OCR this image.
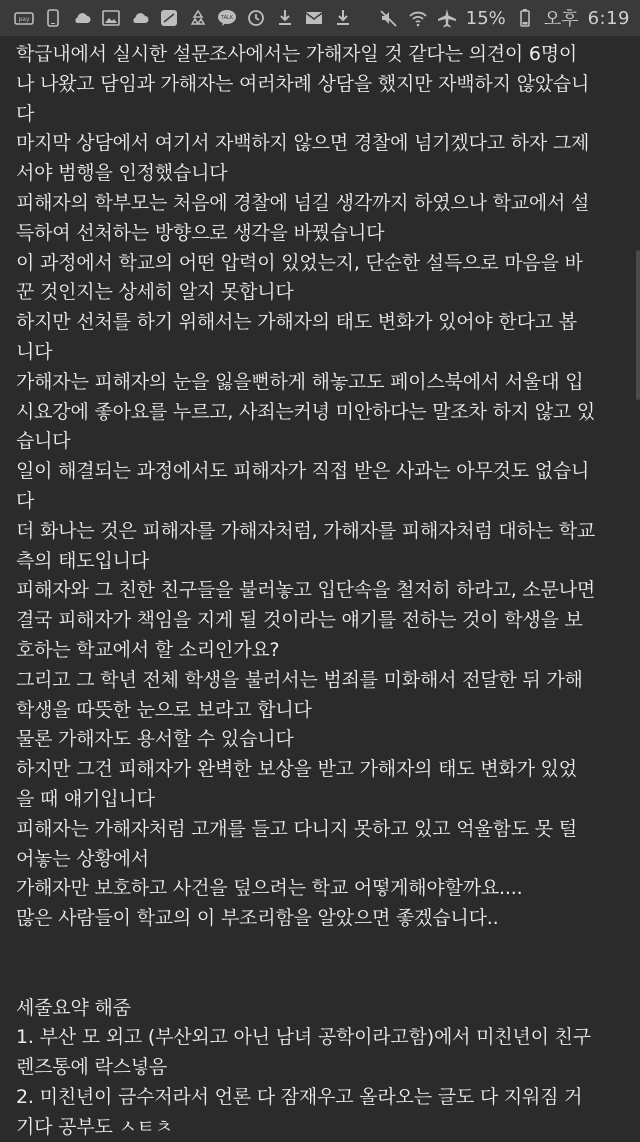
pay	TALK	15% 오후 6:19
학급내에서 실시한 설문조사에서는 가해자일 것 같다는 의견이 6명이
나 나왔고 담임과 가해자는 여러차례 상담을 했지만 자백하지 않았습니
다
마지막 상담에서 여기서 자백하지 않으면 경찰에 넘기겠다고 하자 그제
서야 범행을 인정했습니다
피해자의 학부모는 처음에 경찰에 넘길 생각까지 하였으나 학교에서 설
득하여 선처하는 방향으로 생각을 바꿨습니다
이 과정에서 학교의 어떤 압력이 있었는지, 단순한 설득으로 마음을 바
꾼 것인지는 상세히 알지 못합니다
하지만 선처를 하기 위해서는 가해자의 태도 변화가 있어야 한다고 봅
니다
가해자는 피해자의 눈을 잃을뻔하게 해놓고도 페이스북에서 서울대 입
시요강에 좋아요를 누르고, 사죄는커녕 미안하다는 말조차 하지 않고 있
습니다
일이 해결되는 과정에서도 피해자가 직접 받은 사과는 아무것도 없습니
다
더 화나는 것은 피해자를 가해자처럼, 가해자를 피해자처럼 대하는 학교
측의 태도입니다
피해자와 그 친한 친구들을 불러놓고 입단속을 철저히 하라고, 소문나면
결국 피해자가 책임을 지게 될 것이라는 얘기를 전하는 것이 학생을 보
호하는 학교에서 할 소리인가요?
그리고 그 학년 전체 학생을 불러서는 범죄를 미화해서 전달한 뒤 가해
학생을 따뜻한 눈으로 보라고 합니다
물론 가해자도 용서할 수 있습니다
하지만 그건 피해자가 완벽한 보상을 받고 가해자의 태도 변화가 있었
을 때 얘기입니다
피해자는 가해자처럼 고개를 들고 다니지 못하고 있고 억울함도 못 털
어놓는 상황에서
가해자만 보호하고 사건을 덮으려는 학교 어떻게해야할까요....
많은 사람들이 학교의 이 부조리함을 알았으면 좋겠습니다..
세줄요약 해줌
1. 부산 모 외고 (부산외고 아닌 남녀 공학이라고함)에서 미친년이 친구
렌즈통에 락스넣음
2. 미친년이 금수저라서 언론 다 잠재우고 올라오는 글도 다 지워짐 거
기다 공부도 ㅅㅌㅊ
